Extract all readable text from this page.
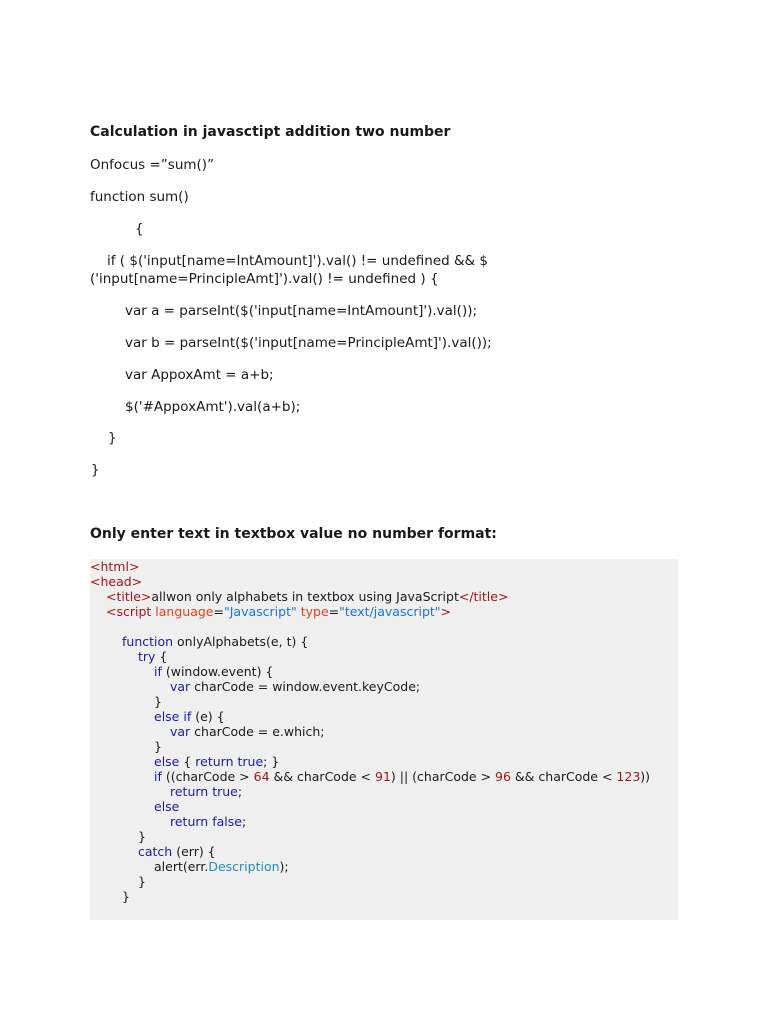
Calculation in javasctipt addition two number
Onfocus =”sum()”
function sum()
{
if ( $('input[name=IntAmount]').val() != undefined && $
('input[name=PrincipleAmt]').val() != undefined ) {
var a = parseInt($('input[name=IntAmount]').val());
var b = parseInt($('input[name=PrincipleAmt]').val());
var AppoxAmt = a+b;
$('#AppoxAmt').val(a+b);
}
}
Only enter text in textbox value no number format:
<html>
<head>
<title>allwon only alphabets in textbox using JavaScript</title>
<script language="Javascript" type="text/javascript">
function onlyAlphabets(e, t) {
try {
if (window.event) {
var charCode = window.event.keyCode;
}
else if (e) {
var charCode = e.which;
}
else { return true; }
if ((charCode > 64 && charCode < 91) || (charCode > 96 && charCode < 123))
return true;
else
return false;
}
catch (err) {
alert(err.Description);
}
}
